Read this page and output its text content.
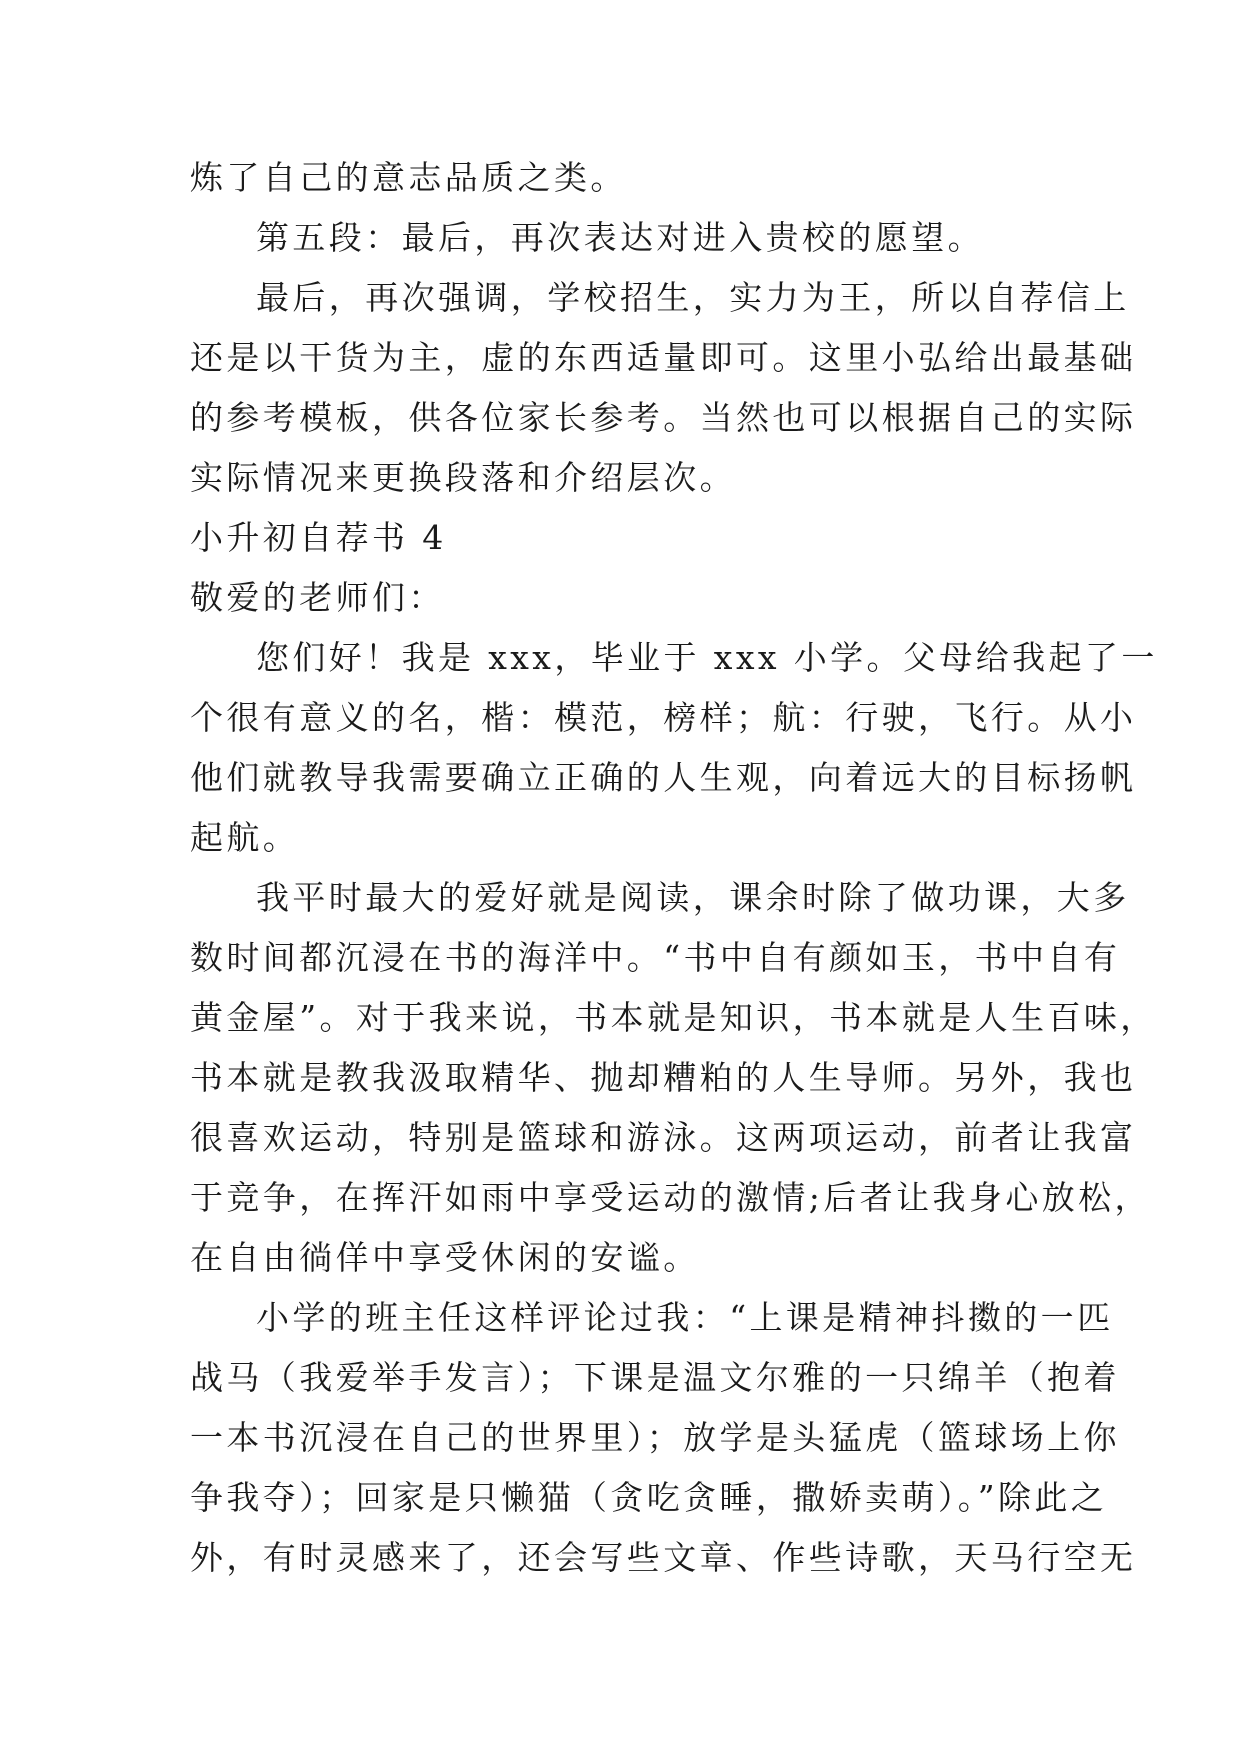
炼了自己的意志品质之类。
第五段：最后，再次表达对进入贵校的愿望。
最后，再次强调，学校招生，实力为王，所以自荐信上
还是以干货为主，虚的东西适量即可。这里小弘给出最基础
的参考模板，供各位家长参考。当然也可以根据自己的实际
实际情况来更换段落和介绍层次。
小升初自荐书 4
敬爱的老师们：
您们好！我是 xxx，毕业于 xxx 小学。父母给我起了一
个很有意义的名，楷：模范，榜样；航：行驶，飞行。从小
他们就教导我需要确立正确的人生观，向着远大的目标扬帆
起航。
我平时最大的爱好就是阅读，课余时除了做功课，大多
数时间都沉浸在书的海洋中。“书中自有颜如玉，书中自有
黄金屋”。对于我来说，书本就是知识，书本就是人生百味，
书本就是教我汲取精华、抛却糟粕的人生导师。另外，我也
很喜欢运动，特别是篮球和游泳。这两项运动，前者让我富
于竞争，在挥汗如雨中享受运动的激情;后者让我身心放松，
在自由徜佯中享受休闲的安谧。
小学的班主任这样评论过我：“上课是精神抖擞的一匹
战马（我爱举手发言）；下课是温文尔雅的一只绵羊（抱着
一本书沉浸在自己的世界里）；放学是头猛虎（篮球场上你
争我夺）；回家是只懒猫（贪吃贪睡，撒娇卖萌）。”除此之
外，有时灵感来了，还会写些文章、作些诗歌，天马行空无
